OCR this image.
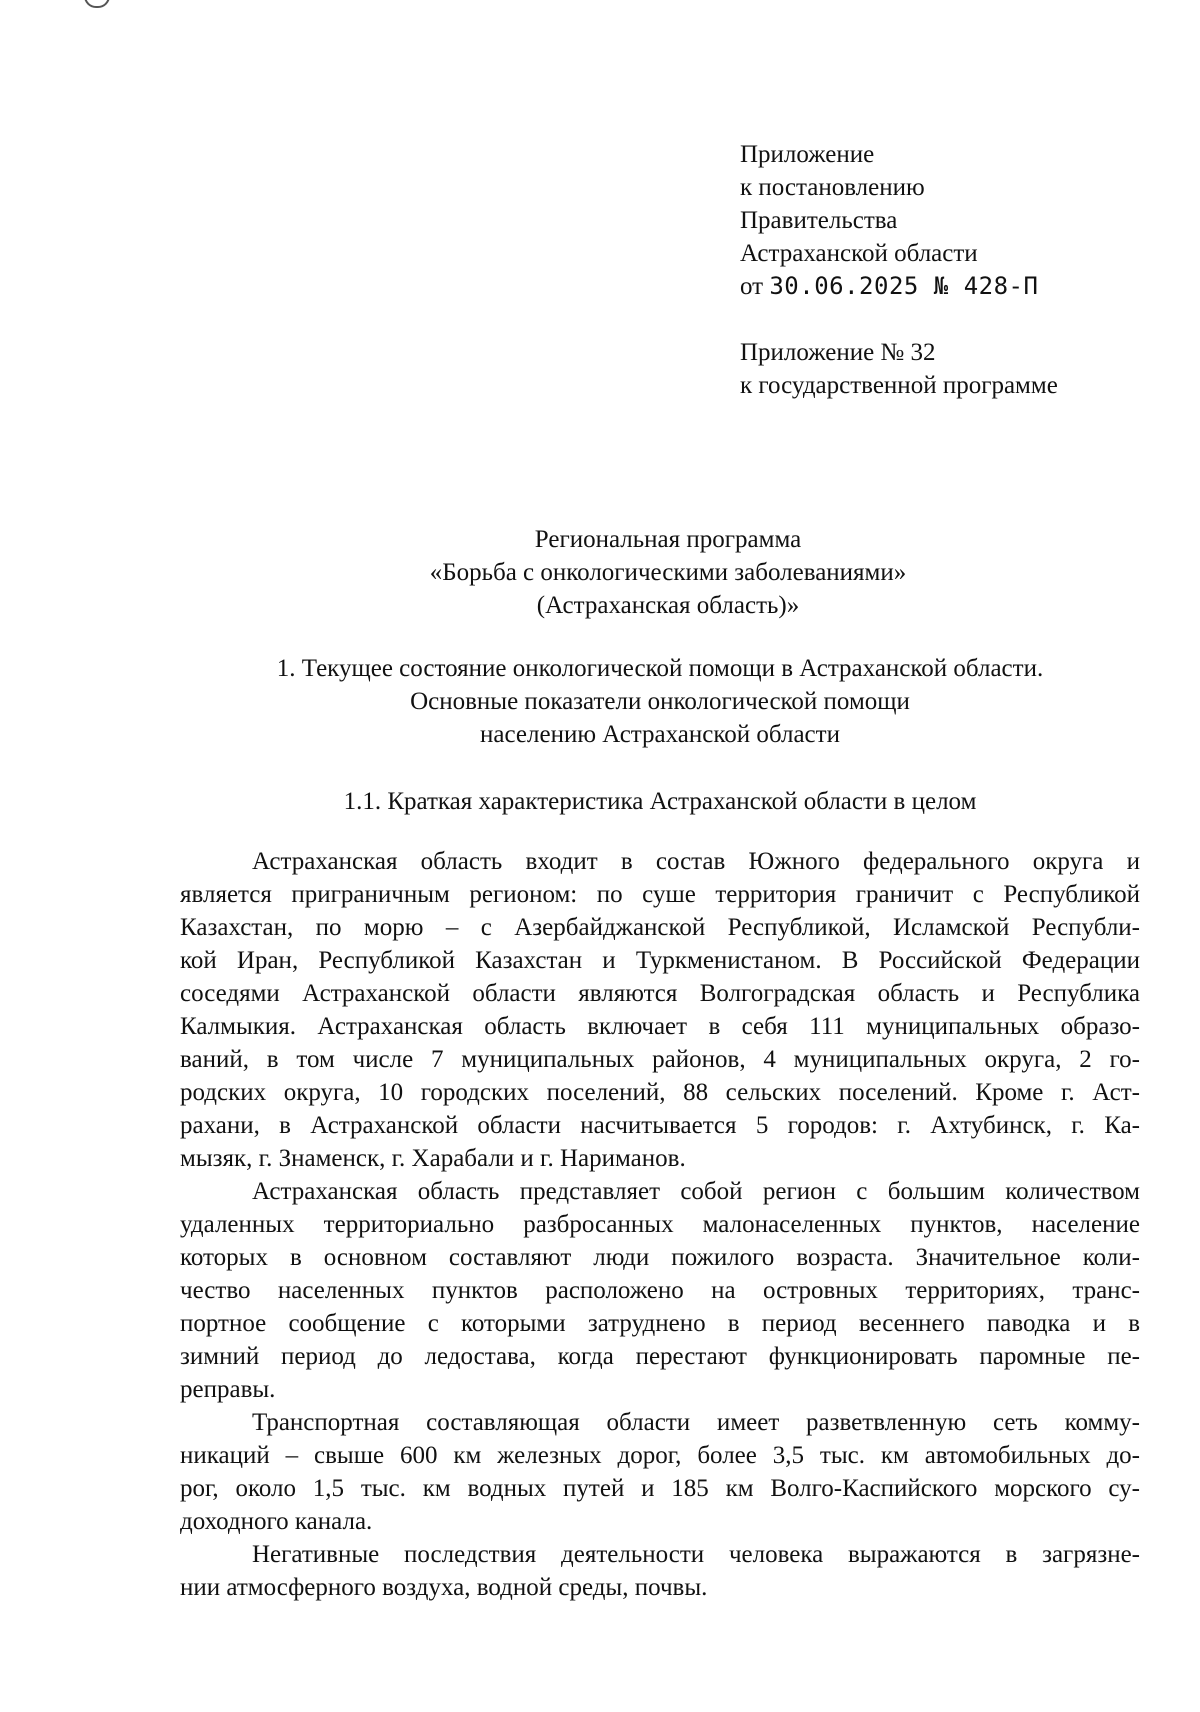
Приложение
к постановлению
Правительства
Астраханской области
от 30.06.2025 № 428-П
Приложение № 32
к государственной программе
Региональная программа
«Борьба с онкологическими заболеваниями»
(Астраханская область)»
1. Текущее состояние онкологической помощи в Астраханской области.
Основные показатели онкологической помощи
населению Астраханской области
1.1. Краткая характеристика Астраханской области в целом
Астраханская область входит в состав Южного федерального округа и
является приграничным регионом: по суше территория граничит с Республикой
Казахстан, по морю – с Азербайджанской Республикой, Исламской Республи-
кой Иран, Республикой Казахстан и Туркменистаном. В Российской Федерации
соседями Астраханской области являются Волгоградская область и Республика
Калмыкия. Астраханская область включает в себя 111 муниципальных образо-
ваний, в том числе 7 муниципальных районов, 4 муниципальных округа, 2 го-
родских округа, 10 городских поселений, 88 сельских поселений. Кроме г. Аст-
рахани, в Астраханской области насчитывается 5 городов: г. Ахтубинск, г. Ка-
мызяк, г. Знаменск, г. Харабали и г. Нариманов.
Астраханская область представляет собой регион с большим количеством
удаленных территориально разбросанных малонаселенных пунктов, население
которых в основном составляют люди пожилого возраста. Значительное коли-
чество населенных пунктов расположено на островных территориях, транс-
портное сообщение с которыми затруднено в период весеннего паводка и в
зимний период до ледостава, когда перестают функционировать паромные пе-
реправы.
Транспортная составляющая области имеет разветвленную сеть комму-
никаций – свыше 600 км железных дорог, более 3,5 тыс. км автомобильных до-
рог, около 1,5 тыс. км водных путей и 185 км Волго-Каспийского морского су-
доходного канала.
Негативные последствия деятельности человека выражаются в загрязне-
нии атмосферного воздуха, водной среды, почвы.
